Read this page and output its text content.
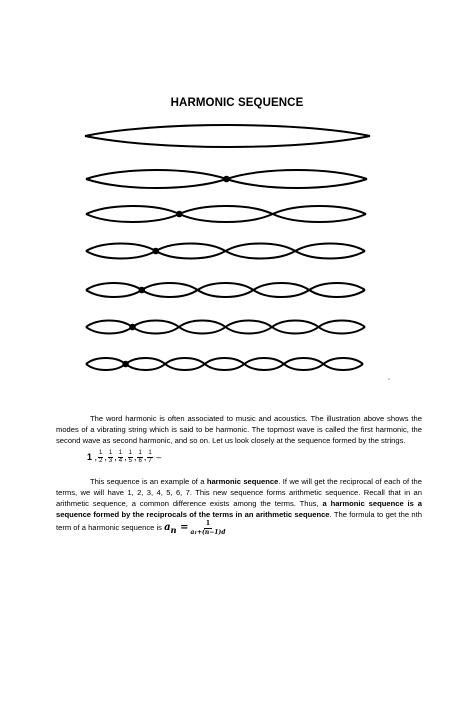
HARMONIC SEQUENCE
The word harmonic is often associated to music and acoustics. The illustration above shows the modes of a vibrating string which is said to be harmonic. The topmost wave is called the first harmonic, the second wave as second harmonic, and so on. Let us look closely at the sequence formed by the strings.
1 , $\frac{1}{2}$ , $\frac{1}{3}$ , $\frac{1}{4}$ , $\frac{1}{5}$ , $\frac{1}{6}$ , $\frac{1}{7}$ –
This sequence is an example of a harmonic sequence. If we will get the reciprocal of each of the terms, we will have 1, 2, 3, 4, 5, 6, 7. This new sequence forms arithmetic sequence. Recall that in an arithmetic sequence, a common difference exists among the terms. Thus, a harmonic sequence is a sequence formed by the reciprocals of the terms in an arithmetic sequence. The formula to get the nth term of a harmonic sequence is $a_n = \frac{1}{\text{a₁+(n−1)d}}$
